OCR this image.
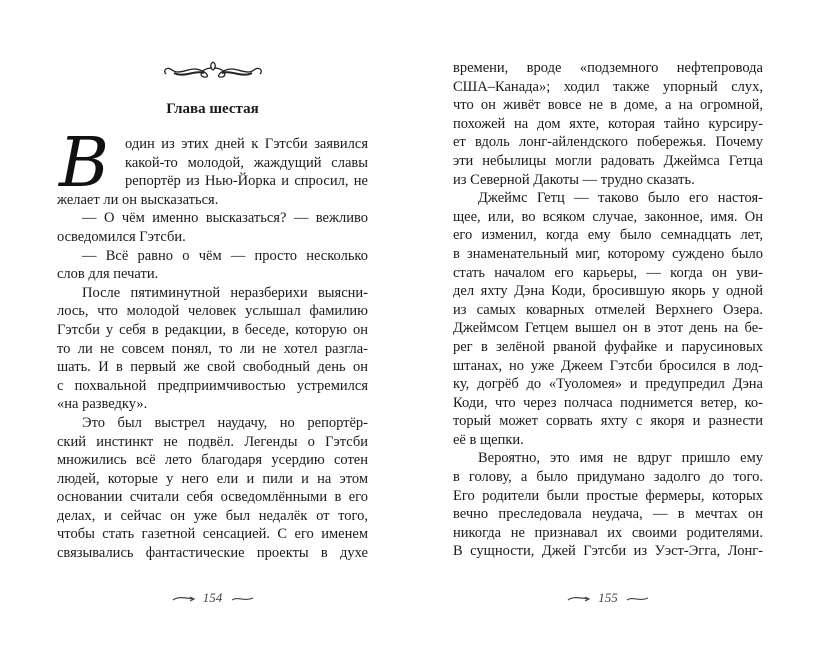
Глава шестая
В	один из этих дней к Гэтсби заявился
какой-то молодой, жаждущий славы
репортёр из Нью-Йорка и спросил, не
желает ли он высказаться.
— О чём именно высказаться? — вежливо
осведомился Гэтсби.
— Всё равно о чём — просто несколько
слов для печати.
После пятиминутной неразберихи выясни-
лось, что молодой человек услышал фамилию
Гэтсби у себя в редакции, в беседе, которую он
то ли не совсем понял, то ли не хотел разгла-
шать. И в первый же свой свободный день он
с похвальной предприимчивостью устремился
«на разведку».
Это был выстрел наудачу, но репортёр-
ский инстинкт не подвёл. Легенды о Гэтсби
множились всё лето благодаря усердию сотен
людей, которые у него ели и пили и на этом
основании считали себя осведомлёнными в его
делах, и сейчас он уже был недалёк от того,
чтобы стать газетной сенсацией. С его именем
связывались фантастические проекты в духе
154
времени, вроде «подземного нефтепровода
США–Канада»; ходил также упорный слух,
что он живёт вовсе не в доме, а на огромной,
похожей на дом яхте, которая тайно курсиру-
ет вдоль лонг-айлендского побережья. Почему
эти небылицы могли радовать Джеймса Гетца
из Северной Дакоты — трудно сказать.
Джеймс Гетц — таково было его настоя-
щее, или, во всяком случае, законное, имя. Он
его изменил, когда ему было семнадцать лет,
в знаменательный миг, которому суждено было
стать началом его карьеры, — когда он уви-
дел яхту Дэна Коди, бросившую якорь у одной
из самых коварных отмелей Верхнего Озера.
Джеймсом Гетцем вышел он в этот день на бе-
рег в зелёной рваной фуфайке и парусиновых
штанах, но уже Джеем Гэтсби бросился в лод-
ку, догрёб до «Туоломея» и предупредил Дэна
Коди, что через полчаса поднимется ветер, ко-
торый может сорвать яхту с якоря и разнести
её в щепки.
Вероятно, это имя не вдруг пришло ему
в голову, а было придумано задолго до того.
Его родители были простые фермеры, которых
вечно преследовала неудача, — в мечтах он
никогда не признавал их своими родителями.
В сущности, Джей Гэтсби из Уэст-Эгга, Лонг-
155
